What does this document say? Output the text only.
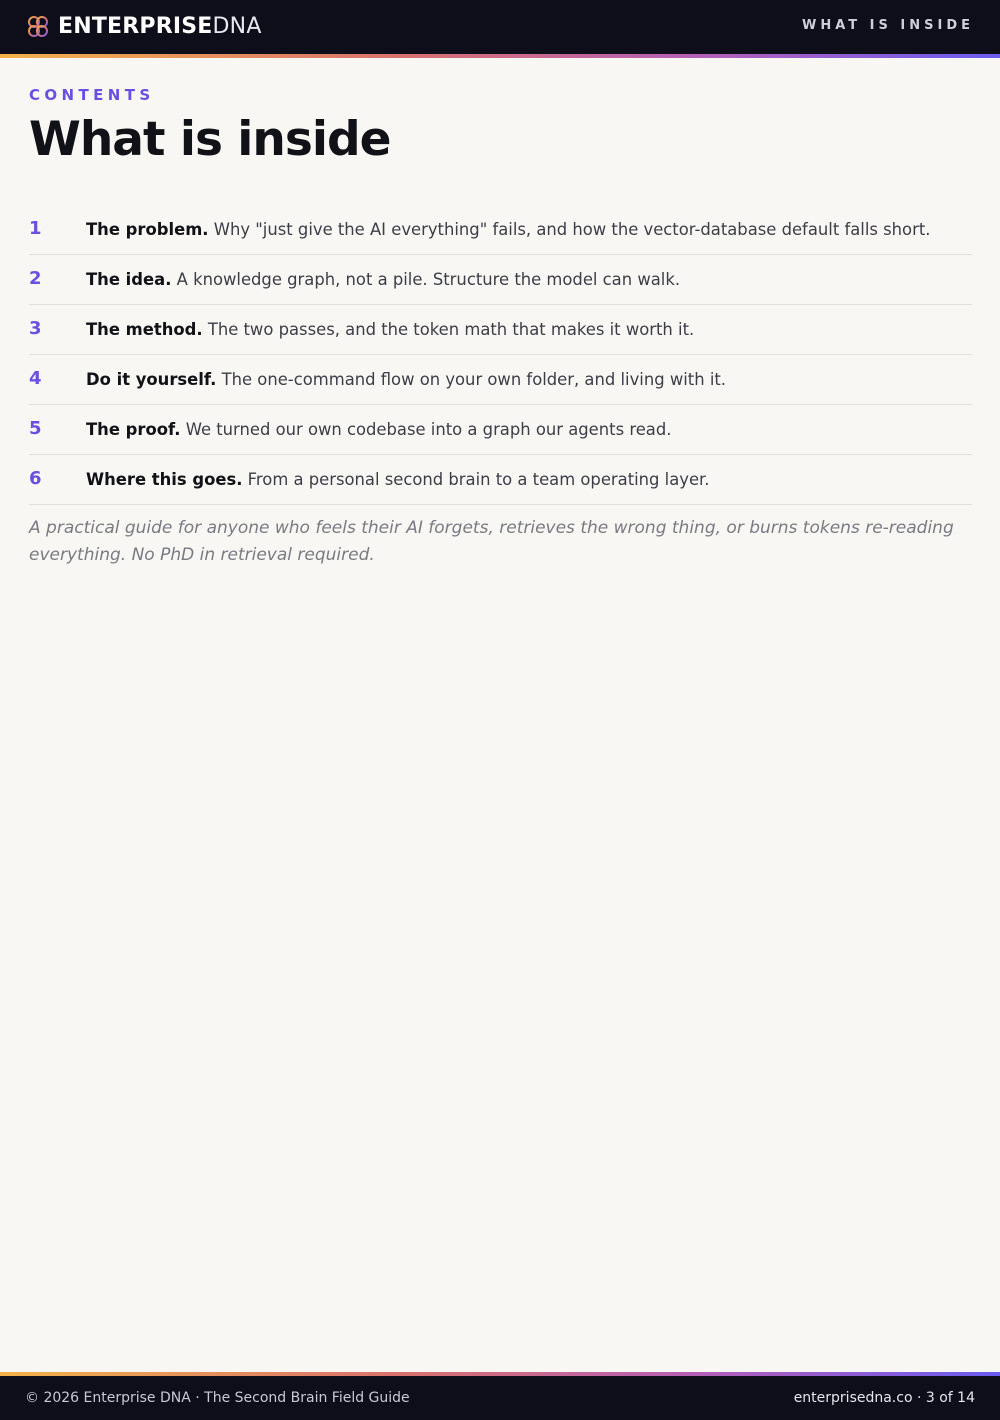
ENTERPRISEDNA	WHAT IS INSIDE
CONTENTS
What is inside
1	The problem. Why "just give the AI everything" fails, and how the vector-database default falls short.
2	The idea. A knowledge graph, not a pile. Structure the model can walk.
3	The method. The two passes, and the token math that makes it worth it.
4	Do it yourself. The one-command flow on your own folder, and living with it.
5	The proof. We turned our own codebase into a graph our agents read.
6	Where this goes. From a personal second brain to a team operating layer.

A practical guide for anyone who feels their AI forgets, retrieves the wrong thing, or burns tokens re-reading everything. No PhD in retrieval required.

© 2026 Enterprise DNA · The Second Brain Field Guide	enterprisedna.co · 3 of 14
